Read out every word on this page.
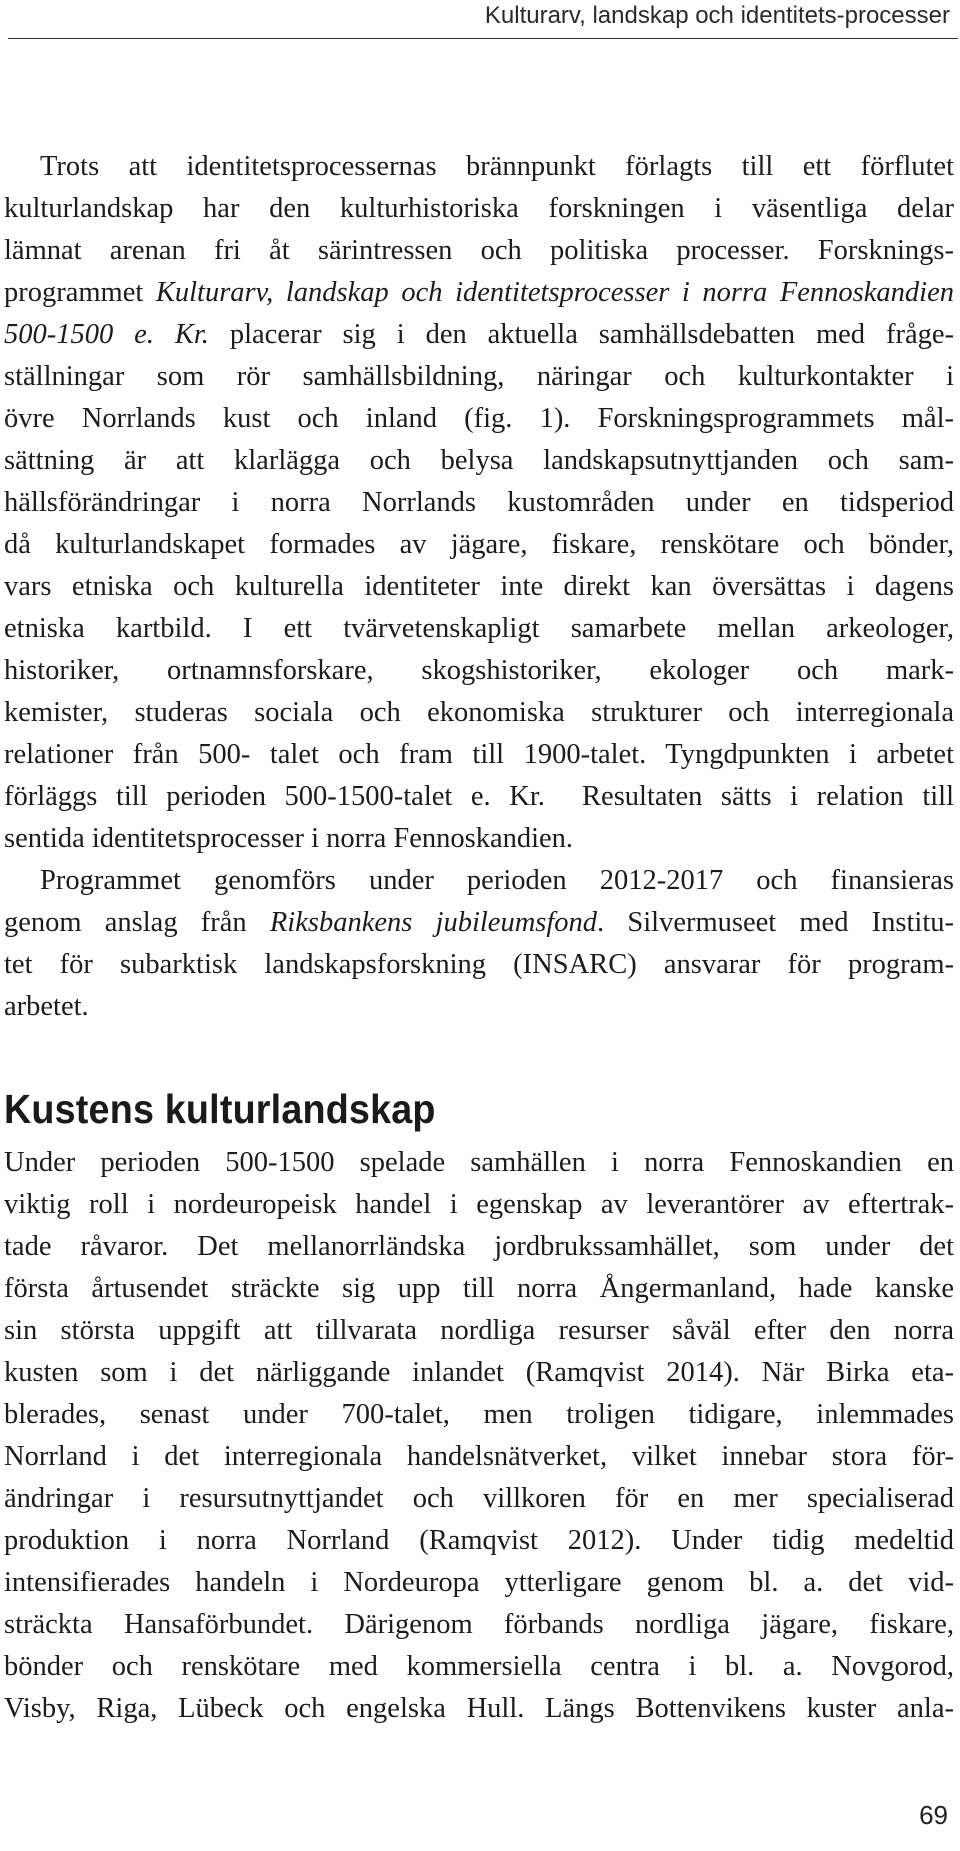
Kulturarv, landskap och identitets-processer
Trots att identitetsprocessernas brännpunkt förlagts till ett förflutet
kulturlandskap har den kulturhistoriska forskningen i väsentliga delar
lämnat arenan fri åt särintressen och politiska processer. Forsknings-
programmet Kulturarv, landskap och identitetsprocesser i norra Fennoskandien
500-1500 e. Kr. placerar sig i den aktuella samhällsdebatten med fråge-
ställningar som rör samhällsbildning, näringar och kulturkontakter i
övre Norrlands kust och inland (fig. 1). Forskningsprogrammets mål-
sättning är att klarlägga och belysa landskapsutnyttjanden och sam-
hällsförändringar i norra Norrlands kustområden under en tidsperiod
då kulturlandskapet formades av jägare, fiskare, renskötare och bönder,
vars etniska och kulturella identiteter inte direkt kan översättas i dagens
etniska kartbild. I ett tvärvetenskapligt samarbete mellan arkeologer,
historiker, ortnamnsforskare, skogshistoriker, ekologer och mark-
kemister, studeras sociala och ekonomiska strukturer och interregionala
relationer från 500- talet och fram till 1900-talet. Tyngdpunkten i arbetet
förläggs till perioden 500-1500-talet e. Kr.  Resultaten sätts i relation till
sentida identitetsprocesser i norra Fennoskandien.
Programmet genomförs under perioden 2012-2017 och finansieras
genom anslag från Riksbankens jubileumsfond. Silvermuseet med Institu-
tet för subarktisk landskapsforskning (INSARC) ansvarar för program-
arbetet.
Kustens kulturlandskap
Under perioden 500-1500 spelade samhällen i norra Fennoskandien en
viktig roll i nordeuropeisk handel i egenskap av leverantörer av eftertrak-
tade råvaror. Det mellanorrländska jordbrukssamhället, som under det
första årtusendet sträckte sig upp till norra Ångermanland, hade kanske
sin största uppgift att tillvarata nordliga resurser såväl efter den norra
kusten som i det närliggande inlandet (Ramqvist 2014). När Birka eta-
blerades, senast under 700-talet, men troligen tidigare, inlemmades
Norrland i det interregionala handelsnätverket, vilket innebar stora för-
ändringar i resursutnyttjandet och villkoren för en mer specialiserad
produktion i norra Norrland (Ramqvist 2012). Under tidig medeltid
intensifierades handeln i Nordeuropa ytterligare genom bl. a. det vid-
sträckta Hansaförbundet. Därigenom förbands nordliga jägare, fiskare,
bönder och renskötare med kommersiella centra i bl. a. Novgorod,
Visby, Riga, Lübeck och engelska Hull. Längs Bottenvikens kuster anla-
69
